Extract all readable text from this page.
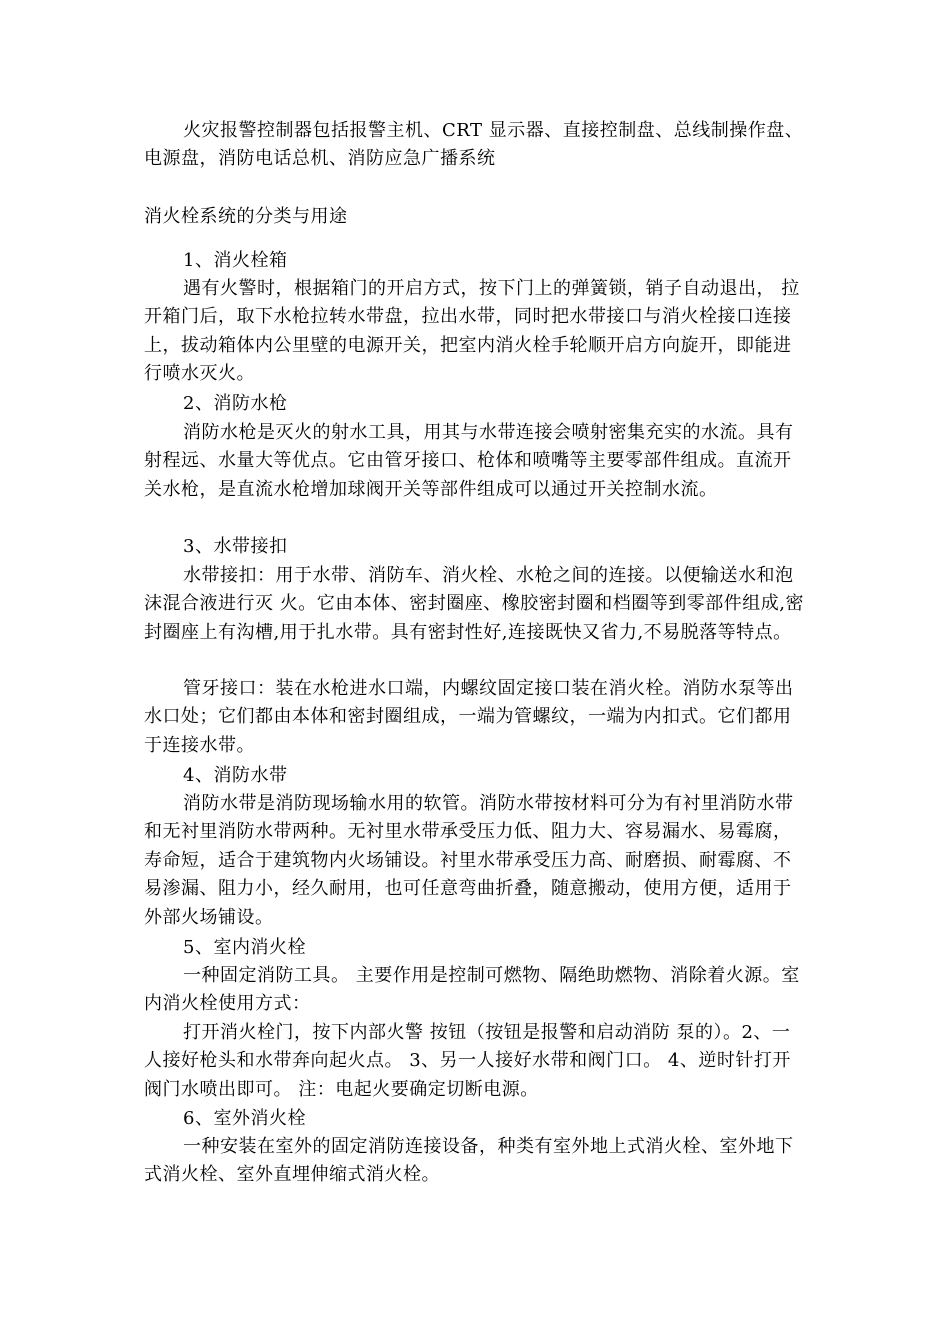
火灾报警控制器包括报警主机、CRT 显示器、直接控制盘、总线制操作盘、电源盘，消防电话总机、消防应急广播系统

消火栓系统的分类与用途

1、消火栓箱

遇有火警时，根据箱门的开启方式，按下门上的弹簧锁，销子自动退出， 拉开箱门后，取下水枪拉转水带盘，拉出水带，同时把水带接口与消火栓接口连接上，拔动箱体内公里壁的电源开关，把室内消火栓手轮顺开启方向旋开，即能进行喷水灭火。

2、消防水枪

消防水枪是灭火的射水工具，用其与水带连接会喷射密集充实的水流。具有射程远、水量大等优点。它由管牙接口、枪体和喷嘴等主要零部件组成。直流开关水枪，是直流水枪增加球阀开关等部件组成可以通过开关控制水流。

3、水带接扣

水带接扣：用于水带、消防车、消火栓、水枪之间的连接。以便输送水和泡沫混合液进行灭 火。它由本体、密封圈座、橡胶密封圈和档圈等到零部件组成,密封圈座上有沟槽,用于扎水带。具有密封性好,连接既快又省力,不易脱落等特点。

管牙接口：装在水枪进水口端，内螺纹固定接口装在消火栓。消防水泵等出水口处；它们都由本体和密封圈组成，一端为管螺纹，一端为内扣式。它们都用于连接水带。

4、消防水带

消防水带是消防现场输水用的软管。消防水带按材料可分为有衬里消防水带和无衬里消防水带两种。无衬里水带承受压力低、阻力大、容易漏水、易霉腐，寿命短，适合于建筑物内火场铺设。衬里水带承受压力高、耐磨损、耐霉腐、不易渗漏、阻力小，经久耐用，也可任意弯曲折叠，随意搬动，使用方便，适用于外部火场铺设。

5、室内消火栓

一种固定消防工具。 主要作用是控制可燃物、隔绝助燃物、消除着火源。室内消火栓使用方式：

打开消火栓门，按下内部火警 按钮（按钮是报警和启动消防 泵的）。2、一人接好枪头和水带奔向起火点。 3、另一人接好水带和阀门口。 4、逆时针打开阀门水喷出即可。 注：电起火要确定切断电源。

6、室外消火栓

一种安装在室外的固定消防连接设备，种类有室外地上式消火栓、室外地下式消火栓、室外直埋伸缩式消火栓。
